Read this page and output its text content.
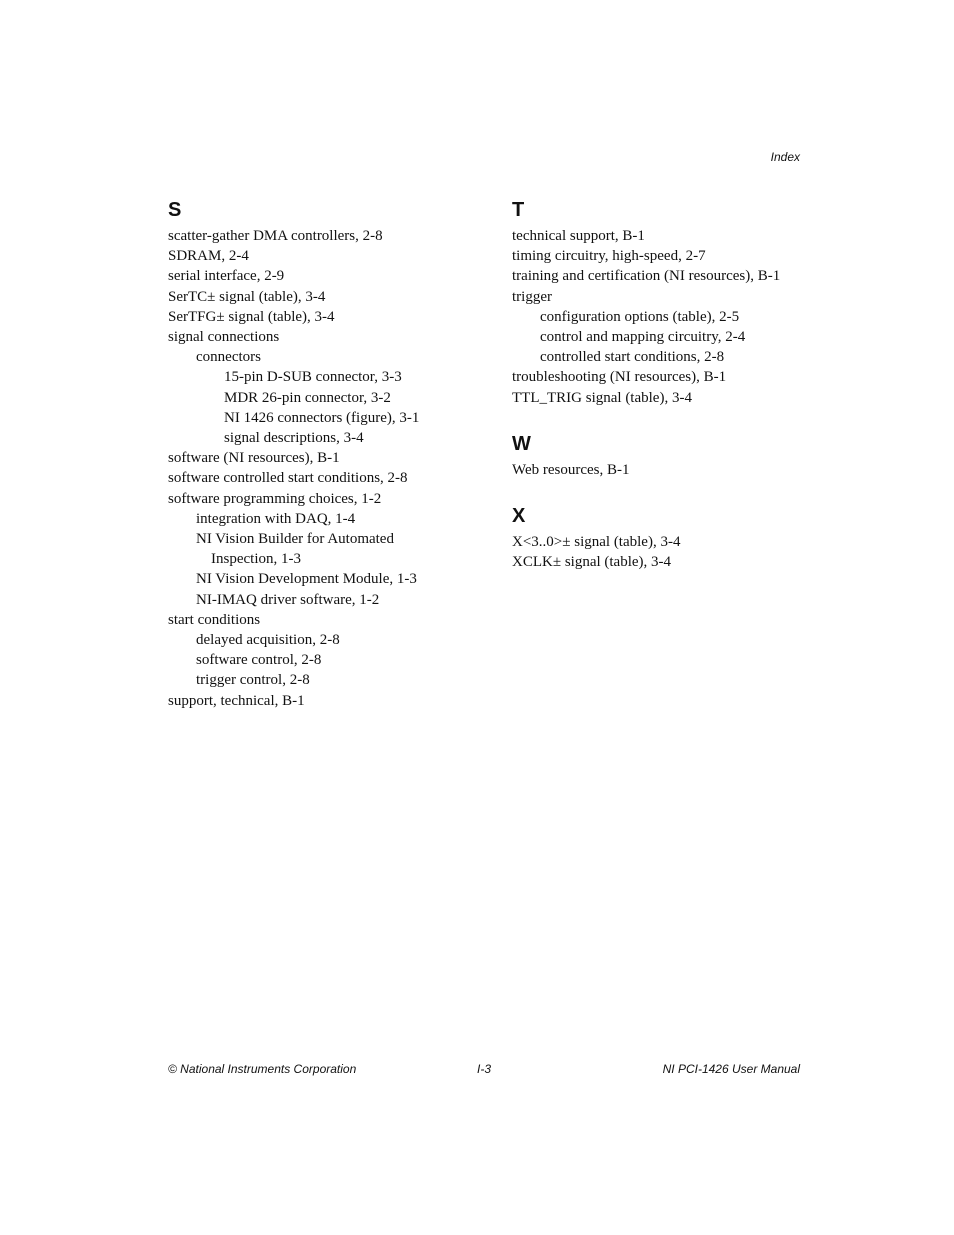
Index
S
scatter-gather DMA controllers, 2-8
SDRAM, 2-4
serial interface, 2-9
SerTC± signal (table), 3-4
SerTFG± signal (table), 3-4
signal connections
connectors
15-pin D-SUB connector, 3-3
MDR 26-pin connector, 3-2
NI 1426 connectors (figure), 3-1
signal descriptions, 3-4
software (NI resources), B-1
software controlled start conditions, 2-8
software programming choices, 1-2
integration with DAQ, 1-4
NI Vision Builder for Automated
Inspection, 1-3
NI Vision Development Module, 1-3
NI-IMAQ driver software, 1-2
start conditions
delayed acquisition, 2-8
software control, 2-8
trigger control, 2-8
support, technical, B-1
T
technical support, B-1
timing circuitry, high-speed, 2-7
training and certification (NI resources), B-1
trigger
configuration options (table), 2-5
control and mapping circuitry, 2-4
controlled start conditions, 2-8
troubleshooting (NI resources), B-1
TTL_TRIG signal (table), 3-4
W
Web resources, B-1
X
X<3..0>± signal (table), 3-4
XCLK± signal (table), 3-4
© National Instruments Corporation	I-3	NI PCI-1426 User Manual
